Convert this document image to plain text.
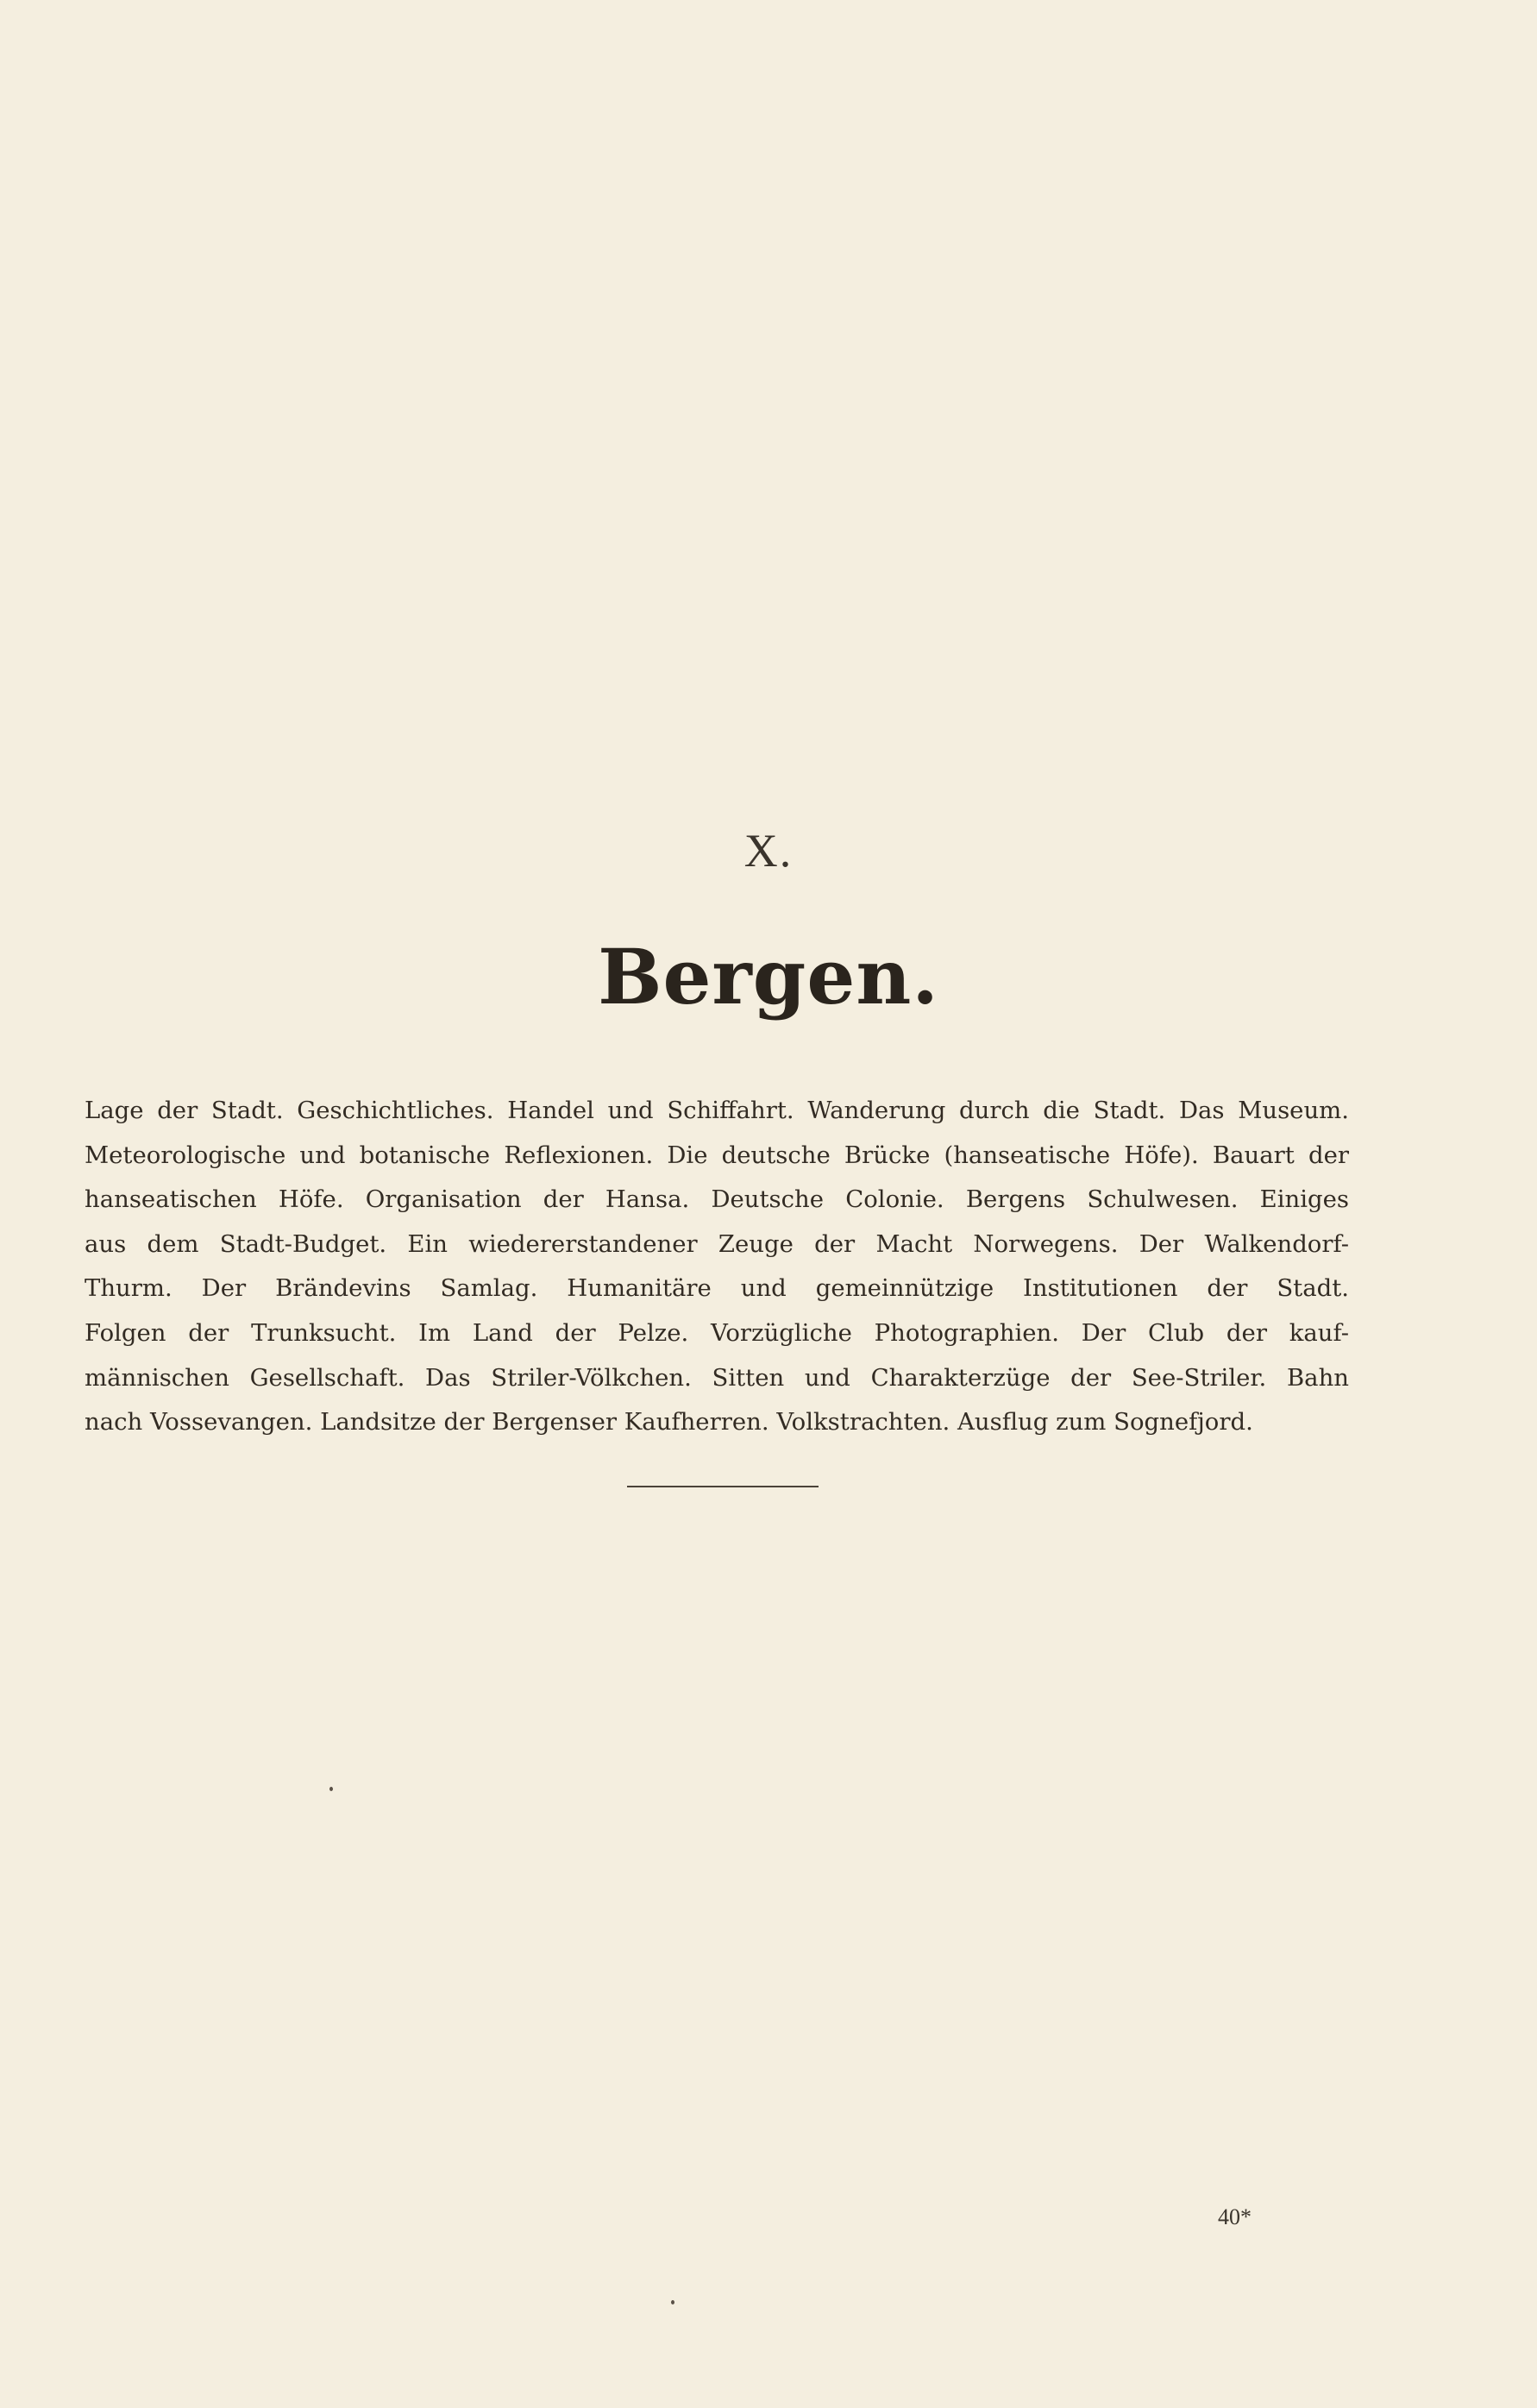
X.
Bergen.
Lage der Stadt. Geschichtliches. Handel und Schiffahrt. Wanderung durch die Stadt. Das Museum.
Meteorologische und botanische Reflexionen. Die deutsche Brücke (hanseatische Höfe). Bauart der
hanseatischen Höfe. Organisation der Hansa. Deutsche Colonie. Bergens Schulwesen. Einiges
aus dem Stadt-Budget. Ein wiedererstandener Zeuge der Macht Norwegens. Der Walkendorf-
Thurm. Der Brändevins Samlag. Humanitäre und gemeinnützige Institutionen der Stadt.
Folgen der Trunksucht. Im Land der Pelze. Vorzügliche Photographien. Der Club der kauf-
männischen Gesellschaft. Das Striler-Völkchen. Sitten und Charakterzüge der See-Striler. Bahn
nach Vossevangen. Landsitze der Bergenser Kaufherren. Volkstrachten. Ausflug zum Sognefjord.
40*
